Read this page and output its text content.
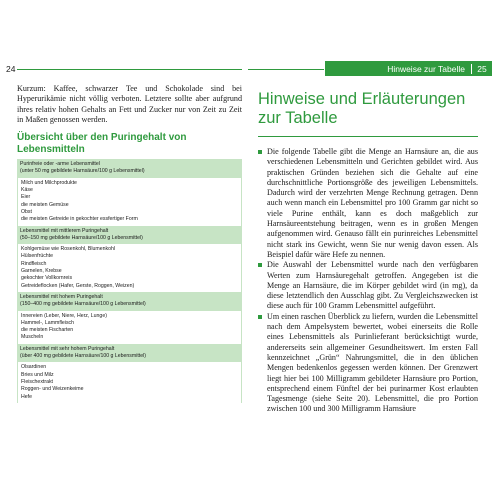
24	Hinweise zur Tabelle	25

Kurzum: Kaffee, schwarzer Tee und Schokolade sind bei Hyperurikämie nicht völlig verboten. Letztere sollte aber aufgrund ihres relativ hohen Gehalts an Fett und Zucker nur von Zeit zu Zeit in Maßen genossen werden.

Übersicht über den Puringehalt von Lebensmitteln
Purinfreie oder -arme Lebensmittel
(unter 50 mg gebildete Harnsäure/100 g Lebensmittel)
Milch und Milchprodukte
Käse
Eier
die meisten Gemüse
Obst
die meisten Getreide in gekochter essfertiger Form
Lebensmittel mit mittlerem Puringehalt
(50–150 mg gebildete Harnsäure/100 g Lebensmittel)
Kohlgemüse wie Rosenkohl, Blumenkohl
Hülsenfrüchte
Rindfleisch
Garnelen, Krebse
gekochter Vollkornreis
Getreideflocken (Hafer, Gerste, Roggen, Weizen)
Lebensmittel mit hohem Puringehalt
(150–400 mg gebildete Harnsäure/100 g Lebensmittel)
Innereien (Leber, Niere, Herz, Lunge)
Hammel-, Lammfleisch
die meisten Fischarten
Muscheln
Lebensmittel mit sehr hohem Puringehalt
(über 400 mg gebildete Harnsäure/100 g Lebensmittel)
Ölsardinen
Bries und Milz
Fleischextrakt
Roggen- und Weizenkeime
Hefe
Hinweise und Erläuterungen zur Tabelle
Die folgende Tabelle gibt die Menge an Harnsäure an, die aus verschiedenen Lebensmitteln und Gerichten gebildet wird. Aus praktischen Gründen beziehen sich die Gehalte auf eine durchschnittliche Portionsgröße des jeweiligen Lebensmittels. Dadurch wird der verzehrten Menge Rechnung getragen. Denn auch wenn manch ein Lebensmittel pro 100 Gramm gar nicht so viele Purine enthält, kann es doch maßgeblich zur Harnsäureentstehung beitragen, wenn es in großen Mengen aufgenommen wird. Genauso fällt ein purinreiches Lebensmittel nicht stark ins Gewicht, wenn Sie nur wenig davon essen. Als Beispiel dafür wäre Hefe zu nennen.
Die Auswahl der Lebensmittel wurde nach den verfügbaren Werten zum Harnsäuregehalt getroffen. Angegeben ist die Menge an Harnsäure, die im Körper gebildet wird (in mg), da diese letztendlich den Ausschlag gibt. Zu Vergleichszwecken ist diese auch für 100 Gramm Lebensmittel aufgeführt.
Um einen raschen Überblick zu liefern, wurden die Lebensmittel nach dem Ampelsystem bewertet, wobei einerseits die Rolle eines Lebensmittels als Purinlieferant berücksichtigt wurde, andererseits sein allgemeiner Gesundheitswert. Im ersten Fall kennzeichnet „Grün“ Nahrungsmittel, die in den üblichen Mengen bedenkenlos gegessen werden können. Der Grenzwert liegt hier bei 100 Milligramm gebildeter Harnsäure pro Portion, entsprechend einem Fünftel der bei purinarmer Kost erlaubten Tagesmenge (siehe Seite 20). Lebensmittel, die pro Portion zwischen 100 und 300 Milligramm Harnsäure
